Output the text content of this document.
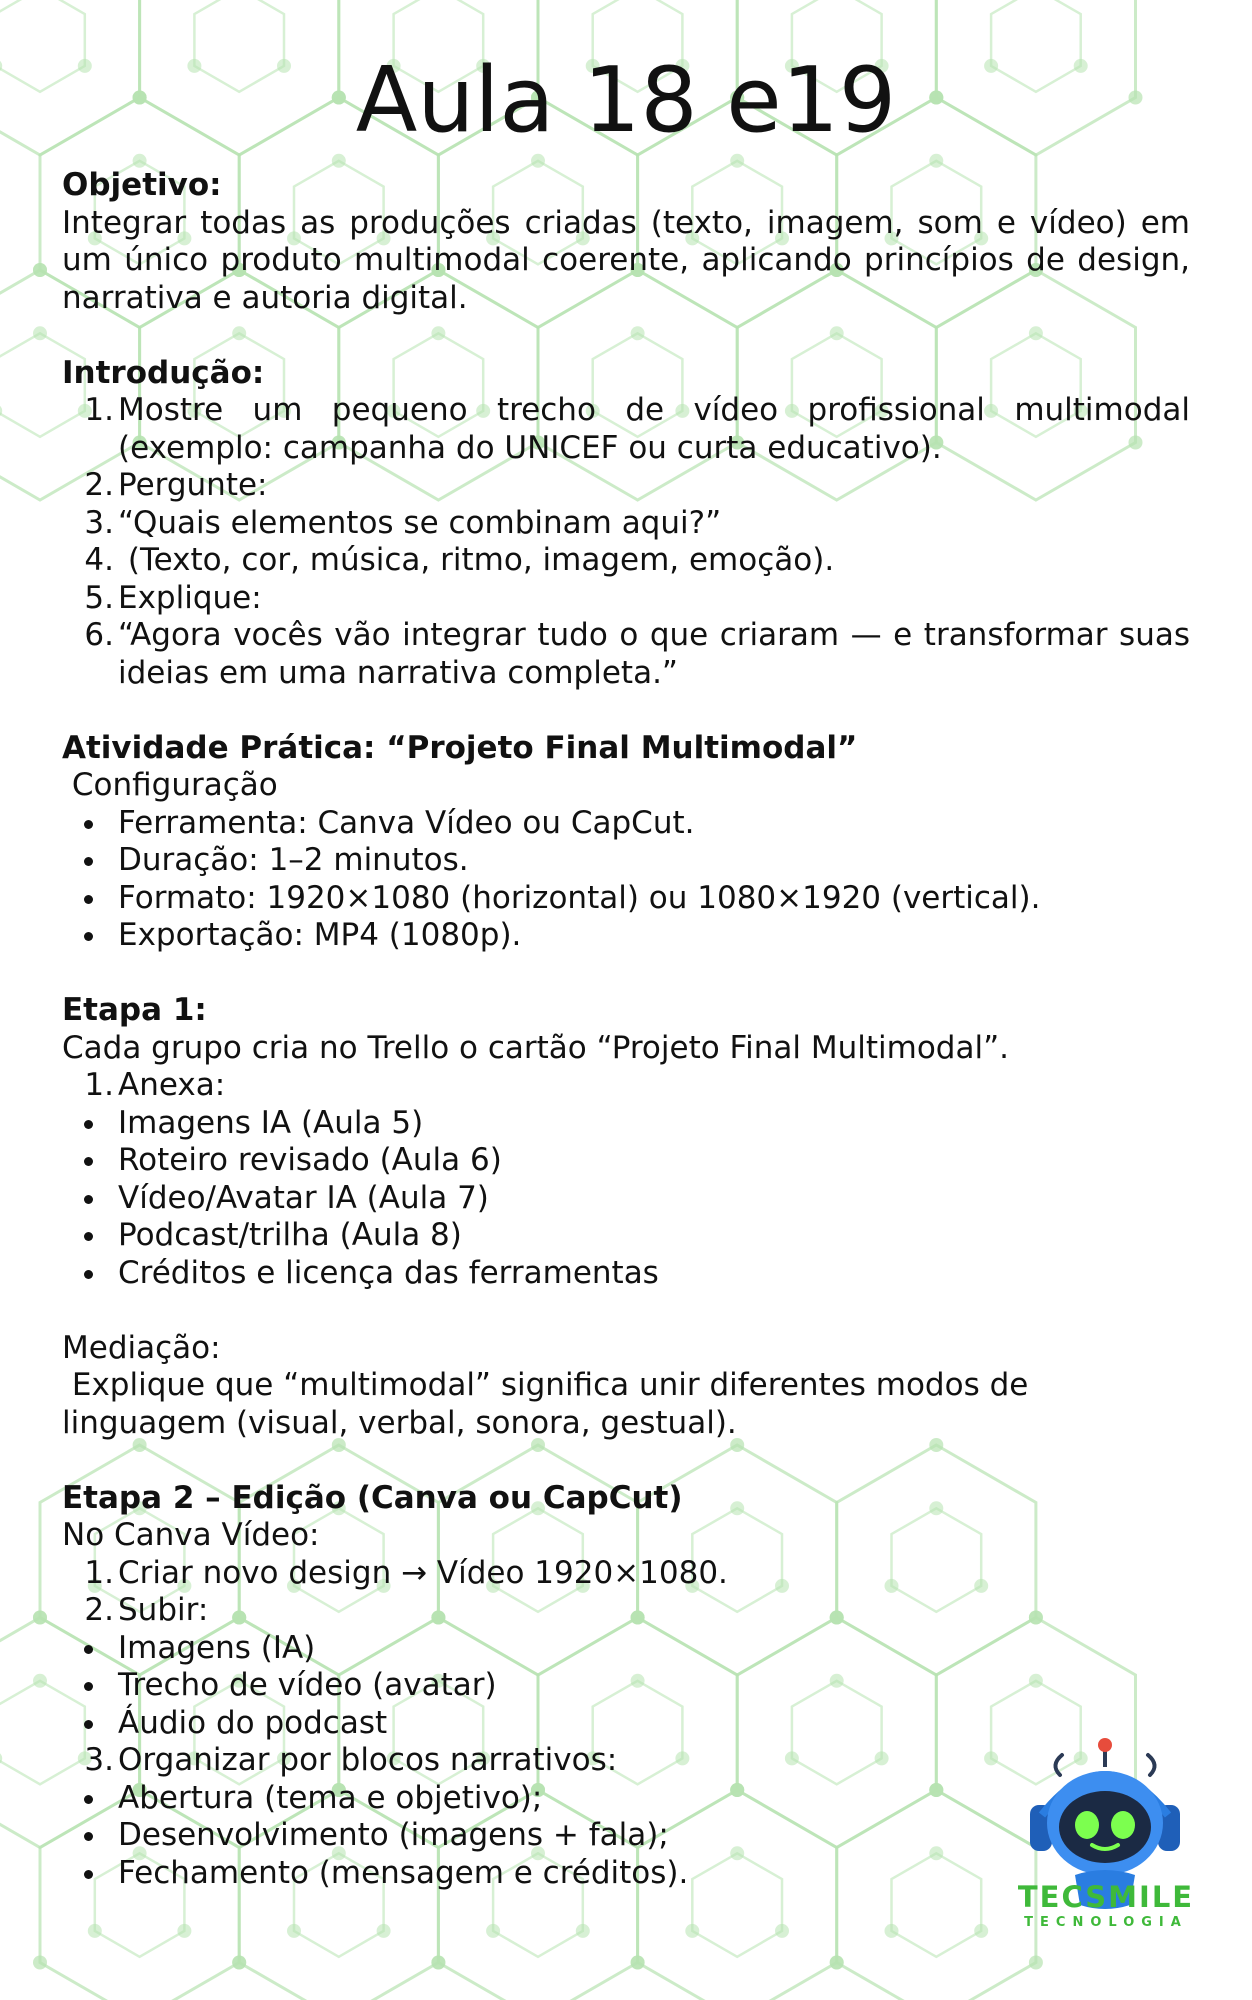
Aula 18 e19

Objetivo:

Integrar todas as produções criadas (texto, imagem, som e vídeo) em um único produto multimodal coerente, aplicando princípios de design, narrativa e autoria digital.

Introdução:

1. Mostre um pequeno trecho de vídeo profissional multimodal (exemplo: campanha do UNICEF ou curta educativo).
2. Pergunte:
3. “Quais elementos se combinam aqui?”
4. (Texto, cor, música, ritmo, imagem, emoção).
5. Explique:
6. “Agora vocês vão integrar tudo o que criaram — e transformar suas ideias em uma narrativa completa.”

Atividade Prática: “Projeto Final Multimodal”

Configuração

Ferramenta: Canva Vídeo ou CapCut.
Duração: 1–2 minutos.
Formato: 1920×1080 (horizontal) ou 1080×1920 (vertical).
Exportação: MP4 (1080p).

Etapa 1:

Cada grupo cria no Trello o cartão “Projeto Final Multimodal”.

1. Anexa:
Imagens IA (Aula 5)
Roteiro revisado (Aula 6)
Vídeo/Avatar IA (Aula 7)
Podcast/trilha (Aula 8)
Créditos e licença das ferramentas

Mediação:

Explique que “multimodal” significa unir diferentes modos de linguagem (visual, verbal, sonora, gestual).

Etapa 2 – Edição (Canva ou CapCut)

No Canva Vídeo:

1. Criar novo design → Vídeo 1920×1080.
2. Subir:
Imagens (IA)
Trecho de vídeo (avatar)
Áudio do podcast
3. Organizar por blocos narrativos:
Abertura (tema e objetivo);
Desenvolvimento (imagens + fala);
Fechamento (mensagem e créditos).
TECSMILE
TECNOLOGIA
